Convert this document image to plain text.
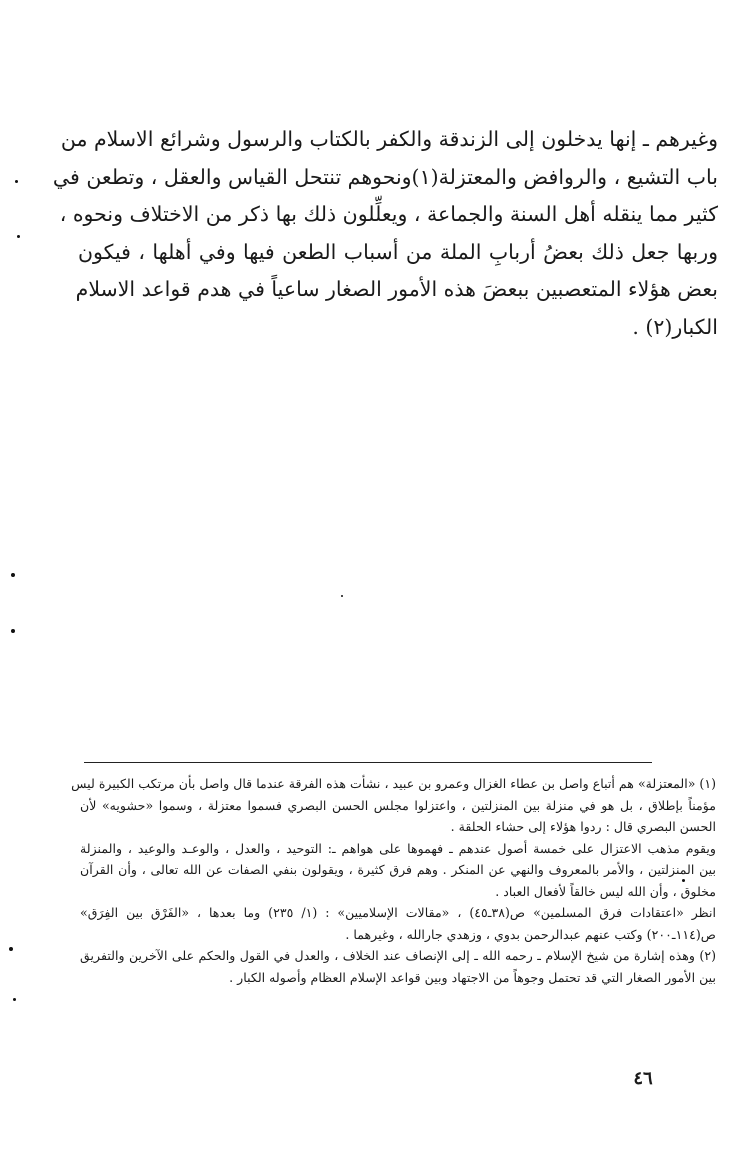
وغيرهم ـ إنها يدخلون إلى الزندقة والكفر بالكتاب والرسول وشرائع الاسلام من
باب التشيع ، والروافض والمعتزلة(١)ونحوهم تنتحل القياس والعقل ، وتطعن في
كثير مما ينقله أهل السنة والجماعة ، ويعلِّلون ذلك بها ذكر من الاختلاف ونحوه ،
وربها جعل ذلك بعضُ أربابِ الملة من أسباب الطعن فيها وفي أهلها ، فيكون
بعض هؤلاء المتعصبين ببعضَ هذه الأمور الصغار ساعياً في هدم قواعد الاسلام
الكبار(٢) .
(١) «المعتزلة» هم أتباع واصل بن عطاء الغزال وعمرو بن عبيد ، نشأت هذه الفرقة عندما قال واصل بأن مرتكب الكبيرة ليس
مؤمناً بإطلاق ، بل هو في منزلة بين المنزلتين ، واعتزلوا مجلس الحسن البصري فسموا معتزلة ، وسموا «حشويه» لأن
الحسن البصري قال : ردوا هؤلاء إلى حشاء الحلقة .
ويقوم مذهب الاعتزال على خمسة أصول عندهم ـ فهموها على هواهم ـ: التوحيد ، والعدل ، والوعـد والوعيد ، والمنزلة
بين المنزلتين ، والأمر بالمعروف والنهي عن المنكر . وهم فرق كثيرة ، ويقولون بنفي الصفات عن الله تعالى ، وأن القرآن
مخلوق ، وأن الله ليس خالقاً لأفعال العباد .
انظر «اعتقادات فرق المسلمين» ص(٣٨ـ٤٥) ، «مقالات الإسلاميين» : (١/ ٢٣٥) وما بعدها ، «الفَرْق بين الفِرَق»
ص(١١٤ـ٢٠٠) وكتب عنهم عبدالرحمن بدوي ، وزهدي جارالله ، وغيرهما .
(٢) وهذه إشارة من شيخ الإسلام ـ رحمه الله ـ إلى الإنصاف عند الخلاف ، والعدل في القول والحكم على الآخرين والتفريق
بين الأمور الصغار التي قد تحتمل وجوهاً من الاجتهاد وبين قواعد الإسلام العظام وأصوله الكبار .
٤٦
